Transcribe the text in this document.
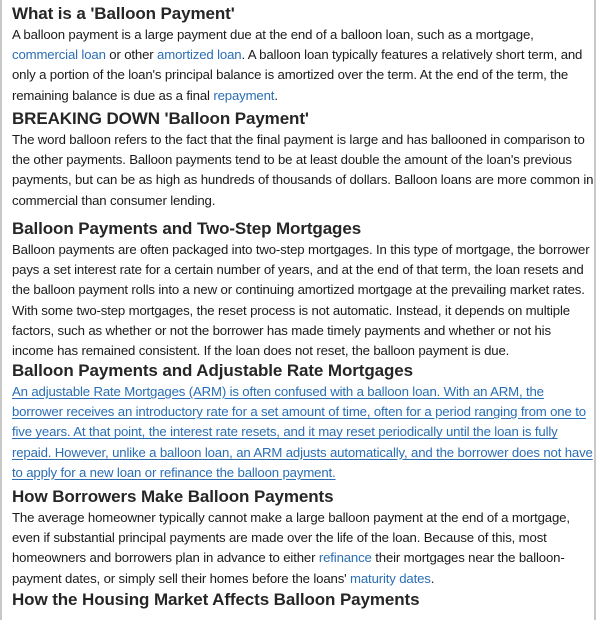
What is a 'Balloon Payment'

A balloon payment is a large payment due at the end of a balloon loan, such as a mortgage, commercial loan or other amortized loan. A balloon loan typically features a relatively short term, and only a portion of the loan's principal balance is amortized over the term. At the end of the term, the remaining balance is due as a final repayment.

BREAKING DOWN 'Balloon Payment'

The word balloon refers to the fact that the final payment is large and has ballooned in comparison to the other payments. Balloon payments tend to be at least double the amount of the loan's previous payments, but can be as high as hundreds of thousands of dollars. Balloon loans are more common in commercial than consumer lending.

Balloon Payments and Two-Step Mortgages

Balloon payments are often packaged into two-step mortgages. In this type of mortgage, the borrower pays a set interest rate for a certain number of years, and at the end of that term, the loan resets and the balloon payment rolls into a new or continuing amortized mortgage at the prevailing market rates. With some two-step mortgages, the reset process is not automatic. Instead, it depends on multiple factors, such as whether or not the borrower has made timely payments and whether or not his income has remained consistent. If the loan does not reset, the balloon payment is due.

Balloon Payments and Adjustable Rate Mortgages

An adjustable Rate Mortgages (ARM) is often confused with a balloon loan. With an ARM, the borrower receives an introductory rate for a set amount of time, often for a period ranging from one to five years. At that point, the interest rate resets, and it may reset periodically until the loan is fully repaid. However, unlike a balloon loan, an ARM adjusts automatically, and the borrower does not have to apply for a new loan or refinance the balloon payment.

How Borrowers Make Balloon Payments

The average homeowner typically cannot make a large balloon payment at the end of a mortgage, even if substantial principal payments are made over the life of the loan. Because of this, most homeowners and borrowers plan in advance to either refinance their mortgages near the balloon-payment dates, or simply sell their homes before the loans' maturity dates.

How the Housing Market Affects Balloon Payments
